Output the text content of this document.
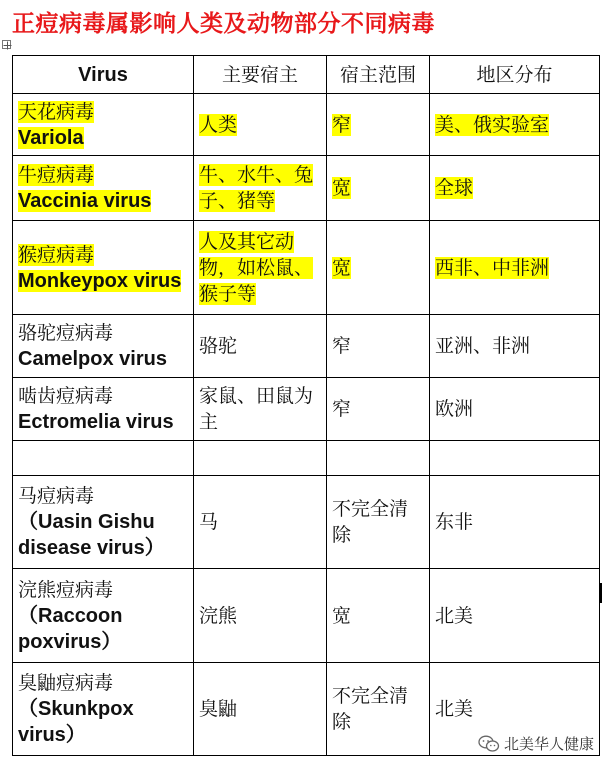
正痘病毒属影响人类及动物部分不同病毒
Virus	主要宿主	宿主范围	地区分布

天花病毒
Variola	人类	窄	美、俄实验室

牛痘病毒
Vaccinia virus	牛、水牛、兔子、猪等	宽	全球

猴痘病毒
Monkeypox virus	人及其它动物，如松鼠、猴子等	宽	西非、中非洲

骆驼痘病毒
Camelpox virus	骆驼	窄	亚洲、非洲

啮齿痘病毒
Ectromelia virus	家鼠、田鼠为主	窄	欧洲

马痘病毒
（Uasin Gishu disease virus）	马	不完全清除	东非

浣熊痘病毒
（Raccoon poxvirus）	浣熊	宽	北美

臭鼬痘病毒
（Skunkpox virus）	臭鼬	不完全清除	北美
北美华人健康
